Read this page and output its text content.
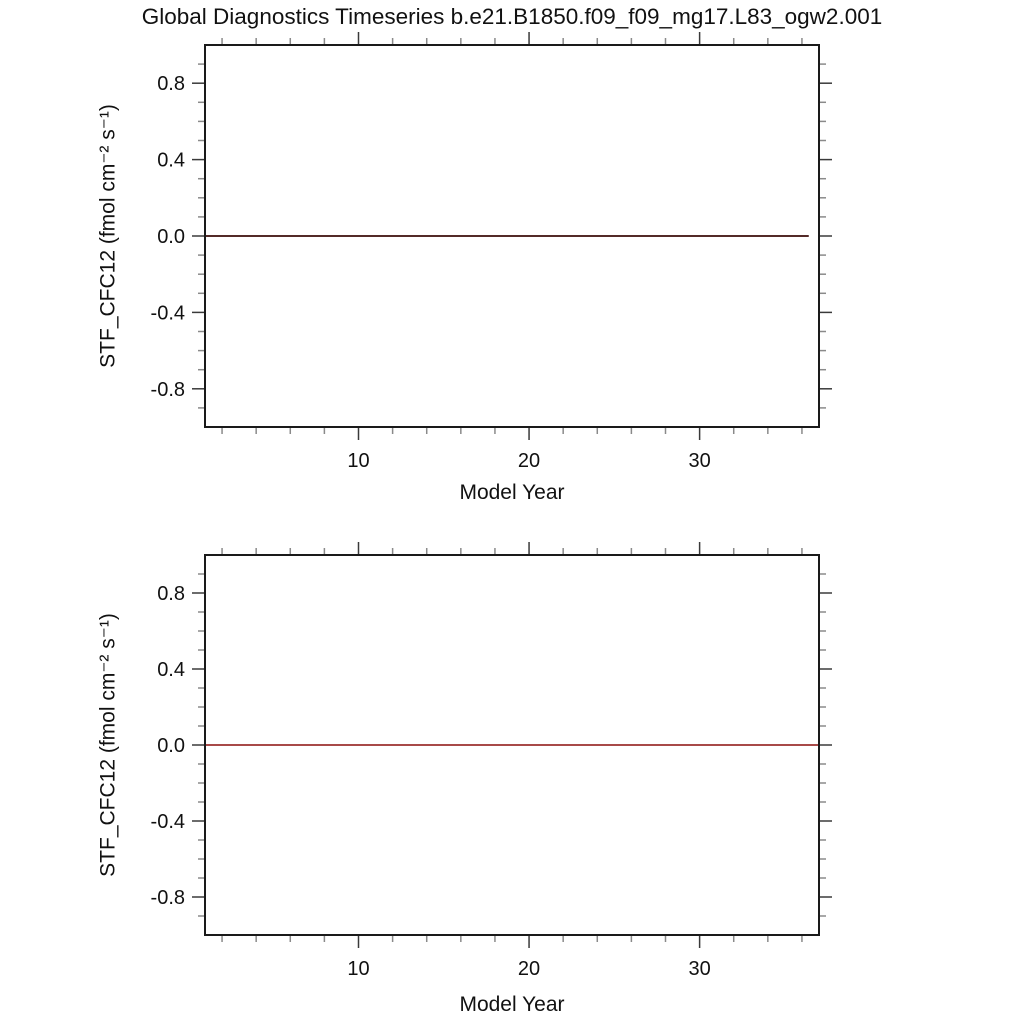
Global Diagnostics Timeseries b.e21.B1850.f09_f09_mg17.L83_ogw2.001
10	20	30
-0.8
-0.4
0.0
0.4
0.8
STF_CFC12 (fmol cm⁻² s⁻¹)
Model Year
10	20	30
-0.8
-0.4
0.0
0.4
0.8
STF_CFC12 (fmol cm⁻² s⁻¹)
Model Year
